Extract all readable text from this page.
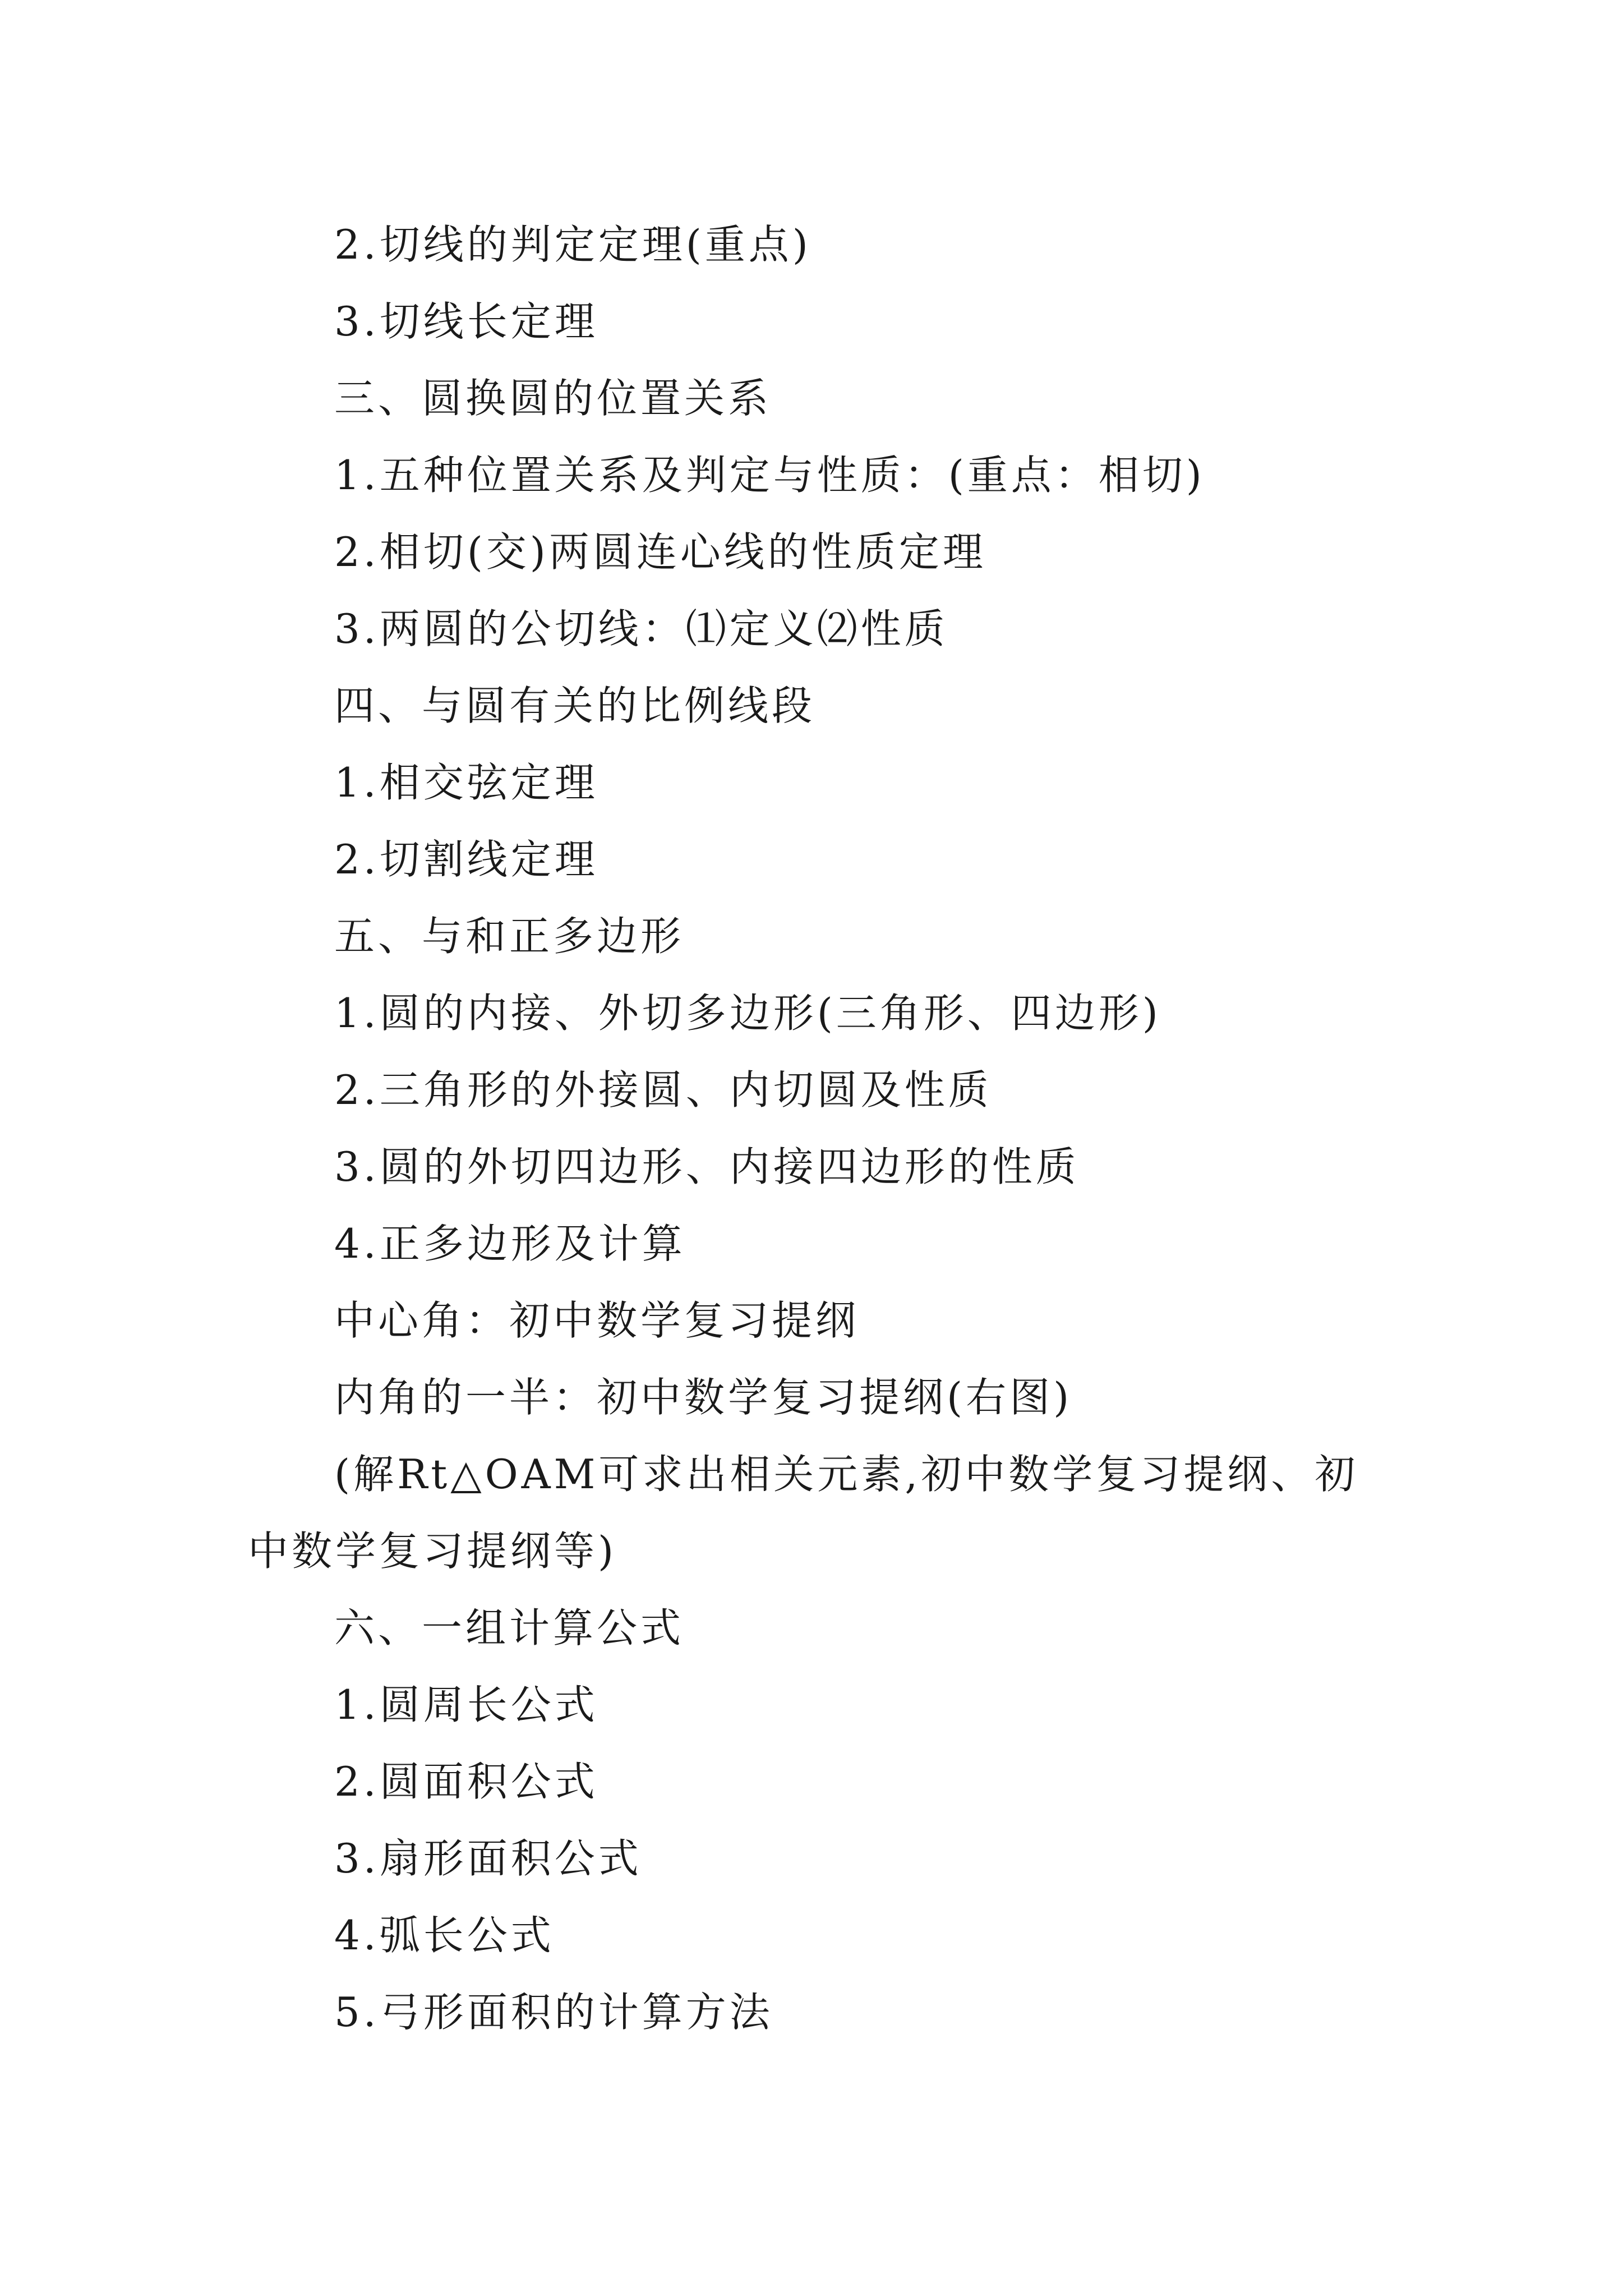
2.切线的判定定理(重点)
3.切线长定理
三、圆换圆的位置关系
1.五种位置关系及判定与性质：(重点：相切)
2.相切(交)两圆连心线的性质定理
3.两圆的公切线：⑴定义⑵性质
四、与圆有关的比例线段
1.相交弦定理
2.切割线定理
五、与和正多边形
1.圆的内接、外切多边形(三角形、四边形)
2.三角形的外接圆、内切圆及性质
3.圆的外切四边形、内接四边形的性质
4.正多边形及计算
中心角：初中数学复习提纲
内角的一半：初中数学复习提纲(右图)
(解Rt△OAM可求出相关元素,初中数学复习提纲、初中数学复习提纲等)
六、一组计算公式
1.圆周长公式
2.圆面积公式
3.扇形面积公式
4.弧长公式
5.弓形面积的计算方法
